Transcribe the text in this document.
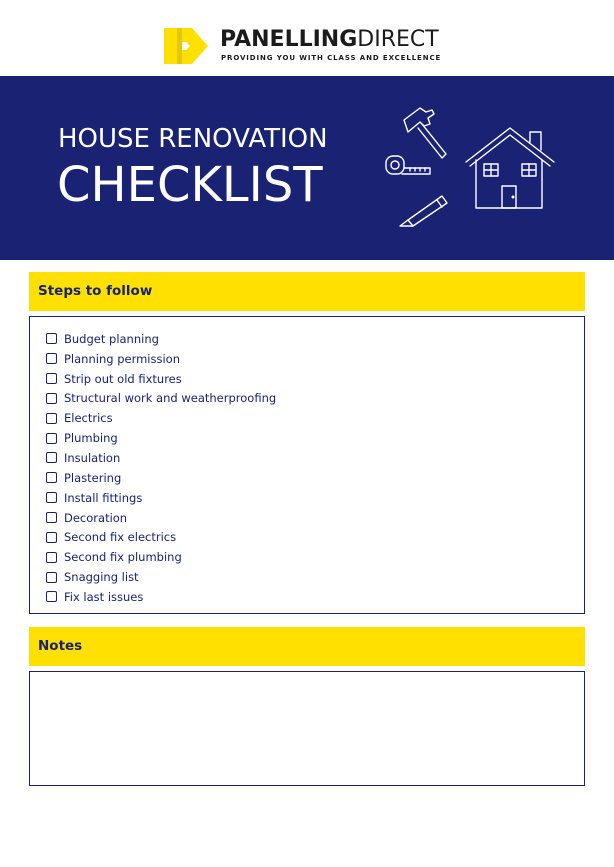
PANELLINGDIRECT
PROVIDING YOU WITH CLASS AND EXCELLENCE
HOUSE RENOVATION
CHECKLIST
Steps to follow
Budget planning
Planning permission
Strip out old fixtures
Structural work and weatherproofing
Electrics
Plumbing
Insulation
Plastering
Install fittings
Decoration
Second fix electrics
Second fix plumbing
Snagging list
Fix last issues
Notes
